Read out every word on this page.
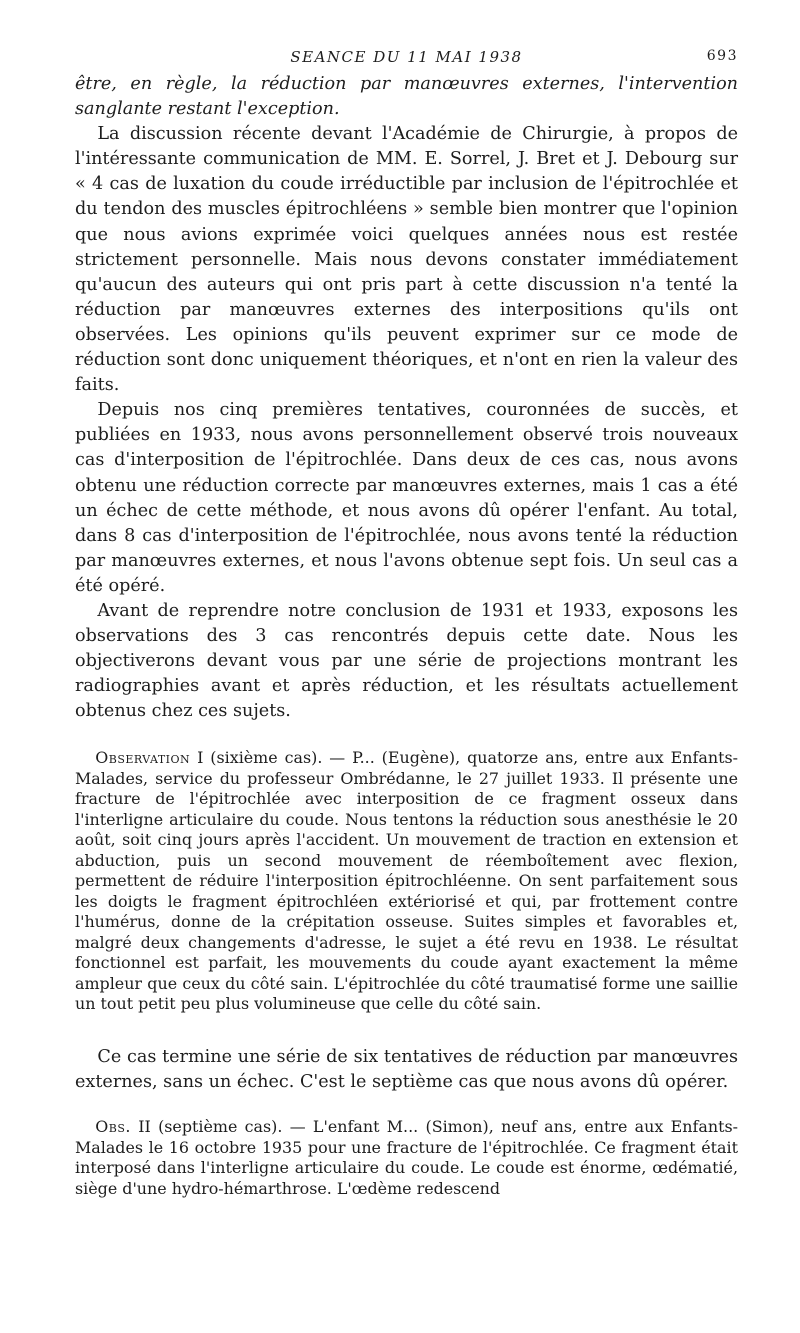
SEANCE DU 11 MAI 1938	693

être, en règle, la réduction par manœuvres externes, l'intervention sanglante restant l'exception.

La discussion récente devant l'Académie de Chirurgie, à propos de l'intéressante communication de MM. E. Sorrel, J. Bret et J. Debourg sur « 4 cas de luxation du coude irréductible par inclusion de l'épitrochlée et du tendon des muscles épitrochléens » semble bien montrer que l'opinion que nous avions exprimée voici quelques années nous est restée strictement personnelle. Mais nous devons constater immédiatement qu'aucun des auteurs qui ont pris part à cette discussion n'a tenté la réduction par manœuvres externes des interpositions qu'ils ont observées. Les opinions qu'ils peuvent exprimer sur ce mode de réduction sont donc uniquement théoriques, et n'ont en rien la valeur des faits.

Depuis nos cinq premières tentatives, couronnées de succès, et publiées en 1933, nous avons personnellement observé trois nouveaux cas d'interposition de l'épitrochlée. Dans deux de ces cas, nous avons obtenu une réduction correcte par manœuvres externes, mais 1 cas a été un échec de cette méthode, et nous avons dû opérer l'enfant. Au total, dans 8 cas d'interposition de l'épitrochlée, nous avons tenté la réduction par manœuvres externes, et nous l'avons obtenue sept fois. Un seul cas a été opéré.

Avant de reprendre notre conclusion de 1931 et 1933, exposons les observations des 3 cas rencontrés depuis cette date. Nous les objectiverons devant vous par une série de projections montrant les radiographies avant et après réduction, et les résultats actuellement obtenus chez ces sujets.

Observation I (sixième cas). — P... (Eugène), quatorze ans, entre aux Enfants-Malades, service du professeur Ombrédanne, le 27 juillet 1933. Il présente une fracture de l'épitrochlée avec interposition de ce fragment osseux dans l'interligne articulaire du coude. Nous tentons la réduction sous anesthésie le 20 août, soit cinq jours après l'accident. Un mouvement de traction en extension et abduction, puis un second mouvement de réemboîtement avec flexion, permettent de réduire l'interposition épitrochléenne. On sent parfaitement sous les doigts le fragment épitrochléen extériorisé et qui, par frottement contre l'humérus, donne de la crépitation osseuse. Suites simples et favorables et, malgré deux changements d'adresse, le sujet a été revu en 1938. Le résultat fonctionnel est parfait, les mouvements du coude ayant exactement la même ampleur que ceux du côté sain. L'épitrochlée du côté traumatisé forme une saillie un tout petit peu plus volumineuse que celle du côté sain.

Ce cas termine une série de six tentatives de réduction par manœuvres externes, sans un échec. C'est le septième cas que nous avons dû opérer.

Obs. II (septième cas). — L'enfant M... (Simon), neuf ans, entre aux Enfants-Malades le 16 octobre 1935 pour une fracture de l'épitrochlée. Ce fragment était interposé dans l'interligne articulaire du coude. Le coude est énorme, œdématié, siège d'une hydro-hémarthrose. L'œdème redescend
